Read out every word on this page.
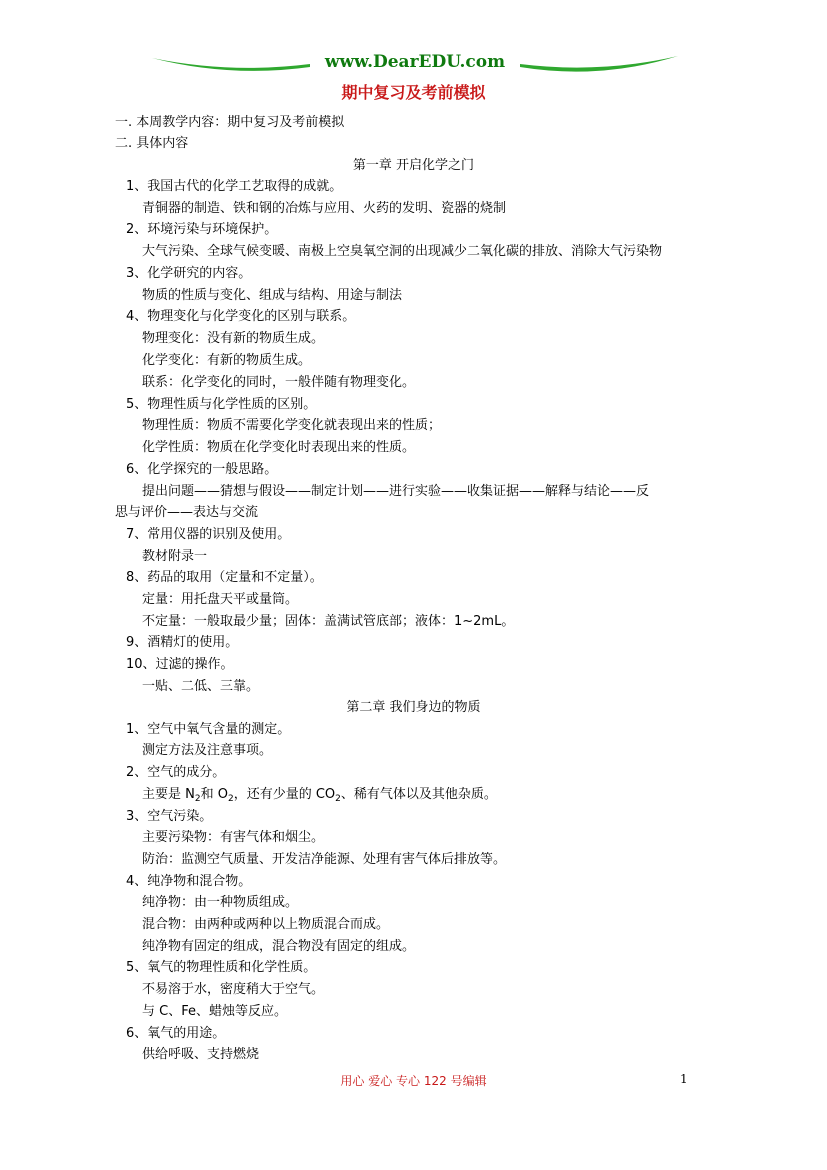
www.DearEDU.com
期中复习及考前模拟
一. 本周教学内容：期中复习及考前模拟
二. 具体内容
第一章 开启化学之门
1、我国古代的化学工艺取得的成就。
青铜器的制造、铁和钢的冶炼与应用、火药的发明、瓷器的烧制
2、环境污染与环境保护。
大气污染、全球气候变暖、南极上空臭氧空洞的出现减少二氧化碳的排放、消除大气污染物
3、化学研究的内容。
物质的性质与变化、组成与结构、用途与制法
4、物理变化与化学变化的区别与联系。
物理变化：没有新的物质生成。
化学变化：有新的物质生成。
联系：化学变化的同时，一般伴随有物理变化。
5、物理性质与化学性质的区别。
物理性质：物质不需要化学变化就表现出来的性质；
化学性质：物质在化学变化时表现出来的性质。
6、化学探究的一般思路。
提出问题——猜想与假设——制定计划——进行实验——收集证据——解释与结论——反
思与评价——表达与交流
7、常用仪器的识别及使用。
教材附录一
8、药品的取用（定量和不定量）。
定量：用托盘天平或量筒。
不定量：一般取最少量；固体：盖满试管底部；液体：1~2mL。
9、酒精灯的使用。
10、过滤的操作。
一贴、二低、三靠。
第二章 我们身边的物质
1、空气中氧气含量的测定。
测定方法及注意事项。
2、空气的成分。
主要是 $N_2$和 $O_2$，还有少量的 $CO_2$、稀有气体以及其他杂质。
3、空气污染。
主要污染物：有害气体和烟尘。
防治：监测空气质量、开发洁净能源、处理有害气体后排放等。
4、纯净物和混合物。
纯净物：由一种物质组成。
混合物：由两种或两种以上物质混合而成。
纯净物有固定的组成，混合物没有固定的组成。
5、氧气的物理性质和化学性质。
不易溶于水，密度稍大于空气。
与 C、Fe、蜡烛等反应。
6、氧气的用途。
供给呼吸、支持燃烧
用心 爱心 专心 122 号编辑	1
